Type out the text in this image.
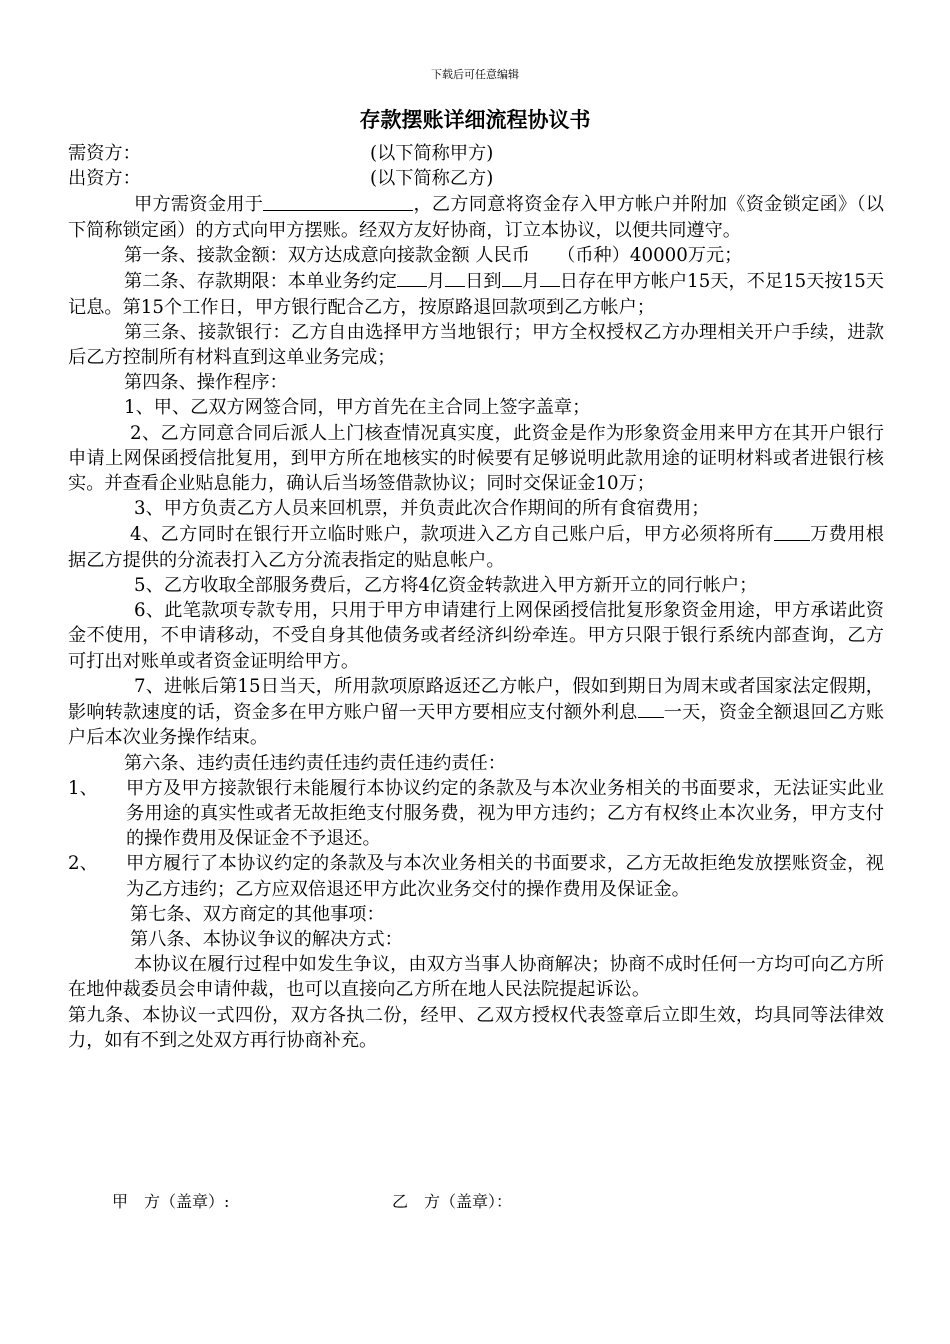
下载后可任意编辑
存款摆账详细流程协议书
需资方：	(以下简称甲方)
出资方：	(以下简称乙方)

甲方需资金用于	，乙方同意将资金存入甲方帐户并附加《资金锁定函》（以下简称锁定函）的方式向甲方摆账。经双方友好协商，订立本协议，以便共同遵守。

第一条、接款金额：双方达成意向接款金额 人民币　　（币种）40000万元；

第二条、存款期限：本单业务约定 月 日到 月 日存在甲方帐户15天，不足15天按15天记息。第15个工作日，甲方银行配合乙方，按原路退回款项到乙方帐户；

第三条、接款银行：乙方自由选择甲方当地银行；甲方全权授权乙方办理相关开户手续，进款后乙方控制所有材料直到这单业务完成；

第四条、操作程序：

1、甲、乙双方网签合同，甲方首先在主合同上签字盖章；

2、乙方同意合同后派人上门核查情况真实度，此资金是作为形象资金用来甲方在其开户银行申请上网保函授信批复用，到甲方所在地核实的时候要有足够说明此款用途的证明材料或者进银行核实。并查看企业贴息能力，确认后当场签借款协议；同时交保证金10万；

3、甲方负责乙方人员来回机票，并负责此次合作期间的所有食宿费用；

4、乙方同时在银行开立临时账户，款项进入乙方自己账户后，甲方必须将所有 万费用根据乙方提供的分流表打入乙方分流表指定的贴息帐户。

5、乙方收取全部服务费后，乙方将4亿资金转款进入甲方新开立的同行帐户；

6、此笔款项专款专用，只用于甲方申请建行上网保函授信批复形象资金用途，甲方承诺此资金不使用，不申请移动，不受自身其他债务或者经济纠纷牵连。甲方只限于银行系统内部查询，乙方可打出对账单或者资金证明给甲方。

7、进帐后第15日当天，所用款项原路返还乙方帐户，假如到期日为周末或者国家法定假期，影响转款速度的话，资金多在甲方账户留一天甲方要相应支付额外利息 一天，资金全额退回乙方账户后本次业务操作结束。

第六条、违约责任违约责任违约责任违约责任：

1、	甲方及甲方接款银行未能履行本协议约定的条款及与本次业务相关的书面要求，无法证实此业务用途的真实性或者无故拒绝支付服务费，视为甲方违约；乙方有权终止本次业务，甲方支付的操作费用及保证金不予退还。
2、	甲方履行了本协议约定的条款及与本次业务相关的书面要求，乙方无故拒绝发放摆账资金，视为乙方违约；乙方应双倍退还甲方此次业务交付的操作费用及保证金。

第七条、双方商定的其他事项：

第八条、本协议争议的解决方式：

本协议在履行过程中如发生争议，由双方当事人协商解决；协商不成时任何一方均可向乙方所在地仲裁委员会申请仲裁，也可以直接向乙方所在地人民法院提起诉讼。

第九条、本协议一式四份，双方各执二份，经甲、乙双方授权代表签章后立即生效，均具同等法律效力，如有不到之处双方再行协商补充。

甲　方（盖章）:	乙　方（盖章）：
